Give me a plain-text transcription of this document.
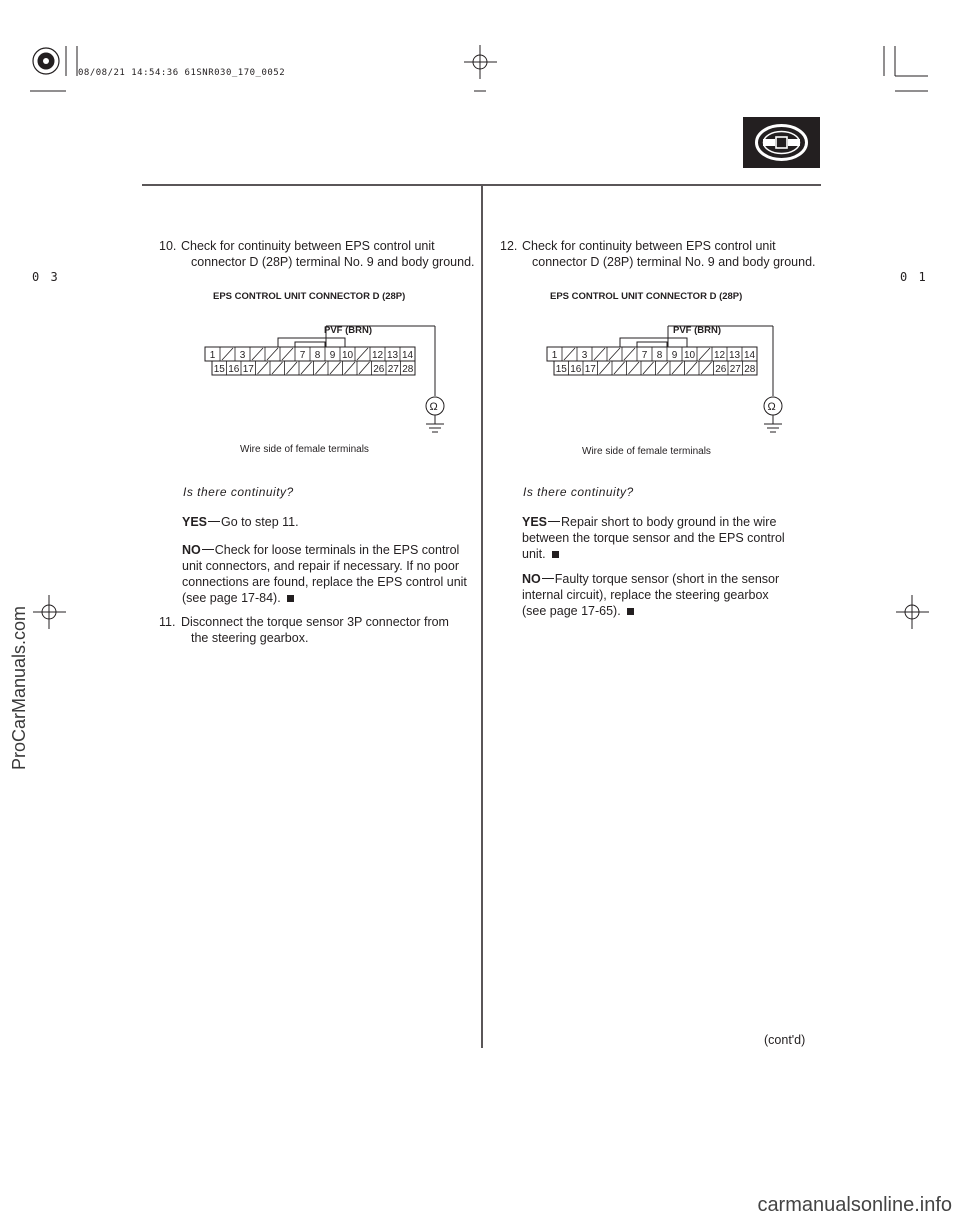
08/08/21 14:54:36 61SNR030_170_0052
0 3	0 1
10. Check for continuity between EPS control unit
connector D (28P) terminal No. 9 and body ground.
EPS CONTROL UNIT CONNECTOR D (28P)
PVF (BRN)
Ω
1 3	7 8 9 10 12 13 14
15 16 17	26 27 28
Wire side of female terminals
Is there continuity?
YES Go to step 11.
NO Check for loose terminals in the EPS control
unit connectors, and repair if necessary. If no poor
connections are found, replace the EPS control unit
(see page 17-84).
11. Disconnect the torque sensor 3P connector from
the steering gearbox.
12. Check for continuity between EPS control unit
connector D (28P) terminal No. 9 and body ground.
EPS CONTROL UNIT CONNECTOR D (28P)
PVF (BRN)
Ω
1 3	7 8 9 10 12 13 14
15 16 17	26 27 28
Wire side of female terminals
Is there continuity?
YES Repair short to body ground in the wire
between the torque sensor and the EPS control
unit.
NO Faulty torque sensor (short in the sensor
internal circuit), replace the steering gearbox
(see page 17-65).
(cont'd)
ProCarManuals.com
carmanualsonline.info
